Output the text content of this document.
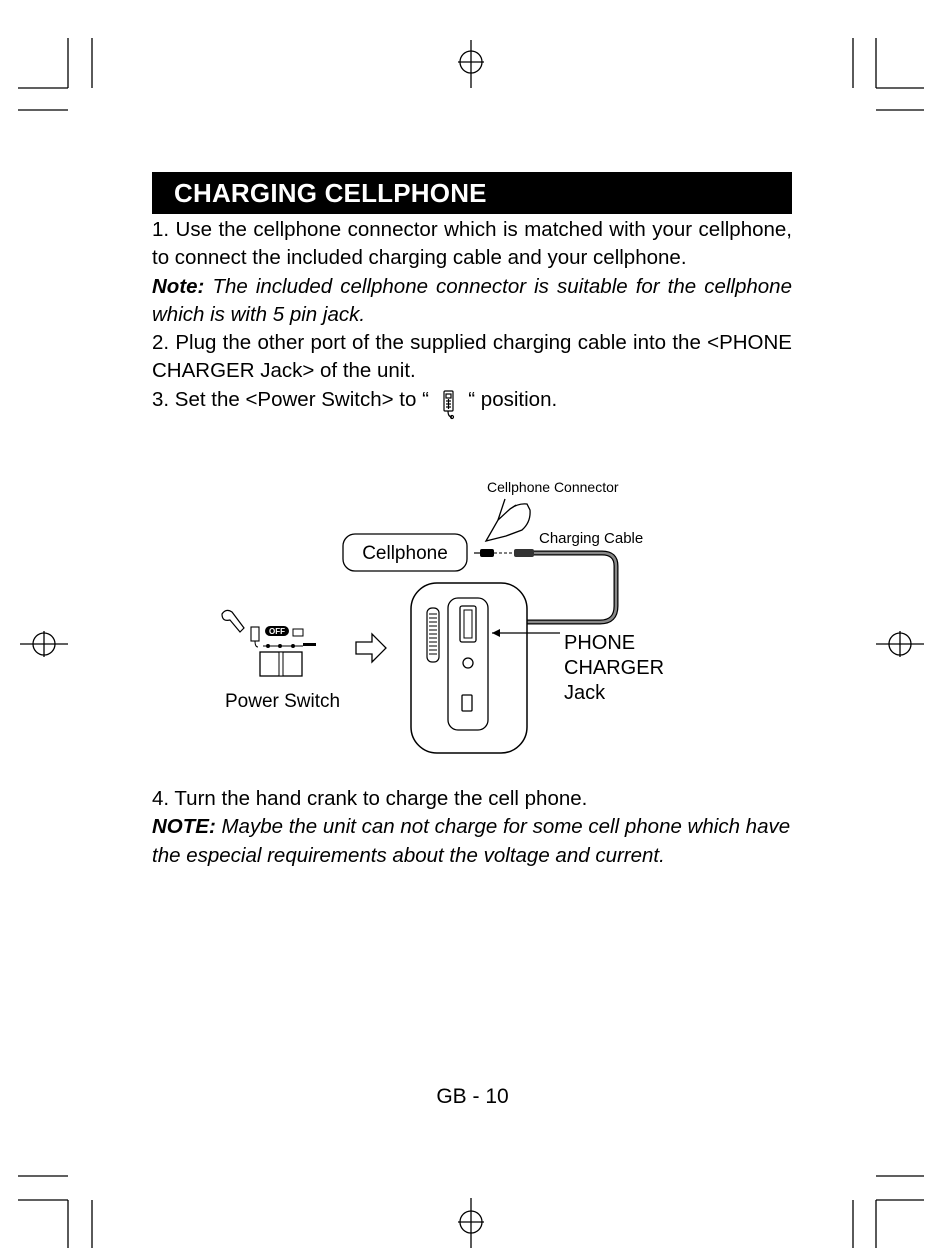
CHARGING CELLPHONE

1. Use the cellphone connector which is matched with your cellphone, to connect the included charging cable and your cellphone.

Note: The included cellphone connector is suitable for the cellphone which is with 5 pin jack.

2. Plug the other port of the supplied charging cable into the <PHONE CHARGER Jack> of the unit.

3. Set the <Power Switch> to “  “ position.

Cellphone Connector
Charging Cable
Cellphone
PHONE
CHARGER
Jack
OFF
Power Switch

4. Turn the hand crank to charge the cell phone.

NOTE: Maybe the unit can not charge for some cell phone which have the especial requirements about the voltage and current.

GB - 10
